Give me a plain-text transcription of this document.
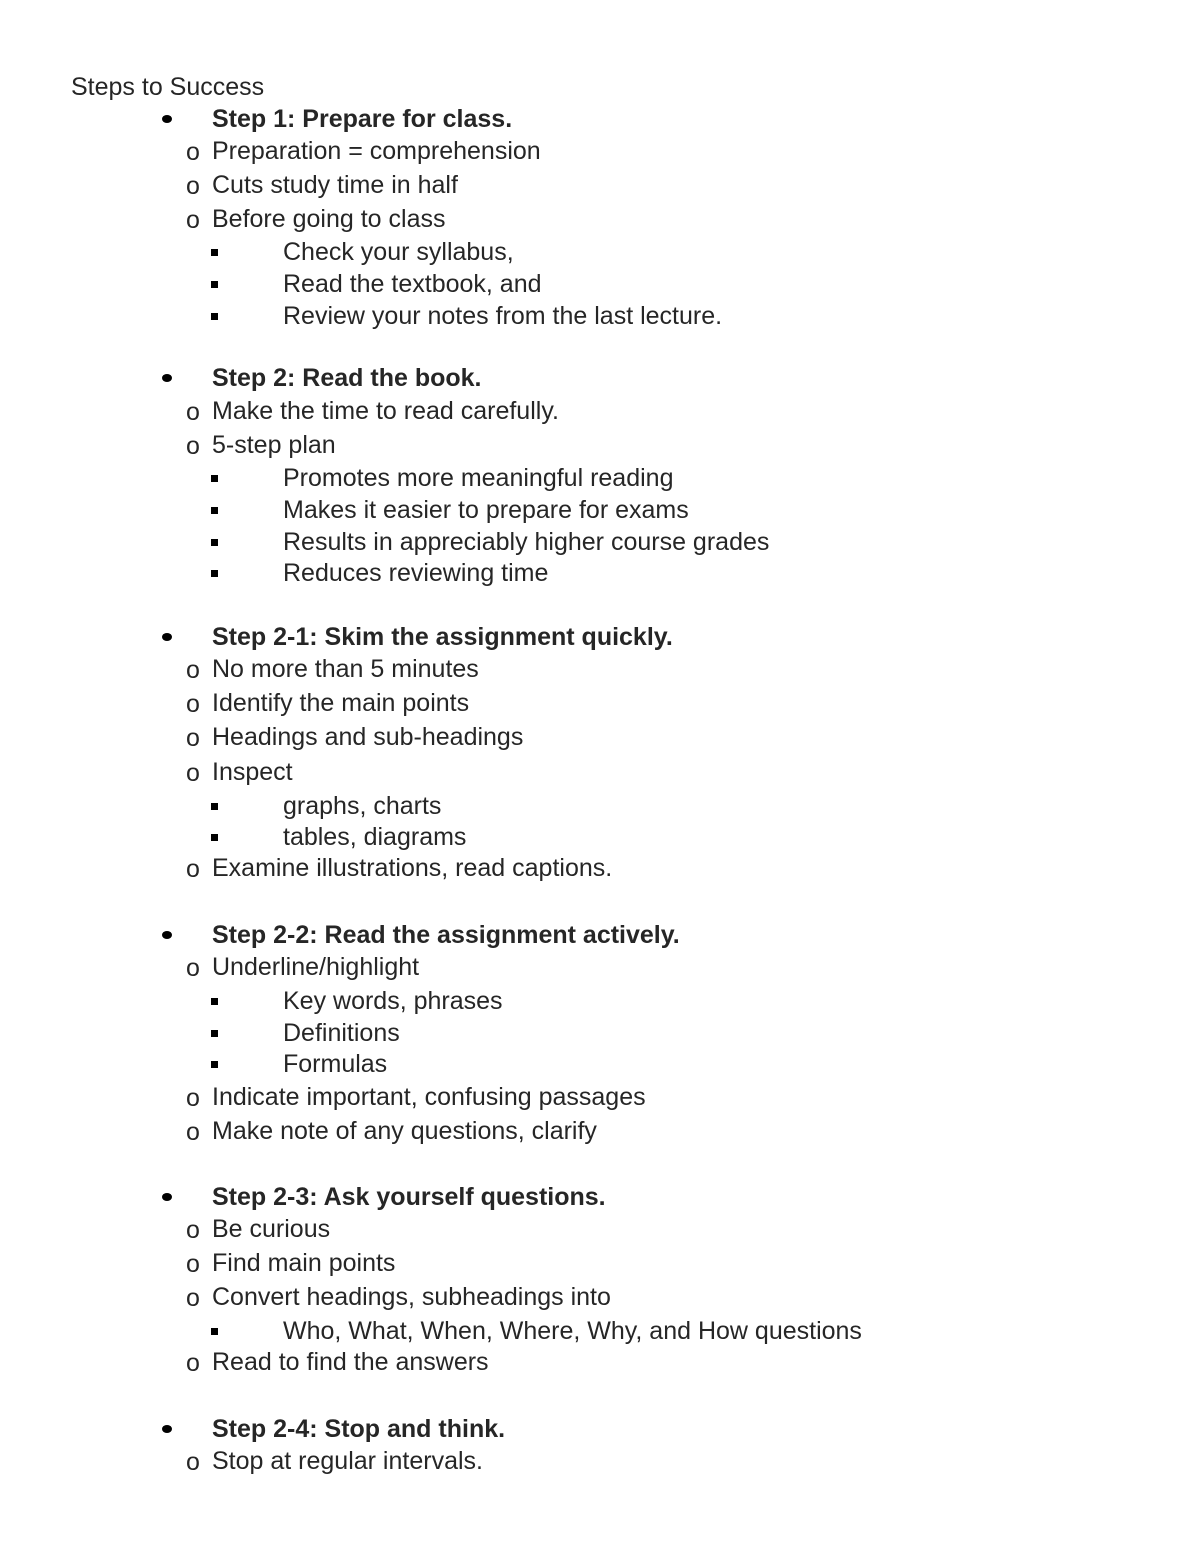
Steps to Success
Step 1: Prepare for class.
o Preparation = comprehension
o Cuts study time in half
o Before going to class
Check your syllabus,
Read the textbook, and
Review your notes from the last lecture.
Step 2: Read the book.
o Make the time to read carefully.
o 5-step plan
Promotes more meaningful reading
Makes it easier to prepare for exams
Results in appreciably higher course grades
Reduces reviewing time
Step 2-1: Skim the assignment quickly.
o No more than 5 minutes
o Identify the main points
o Headings and sub-headings
o Inspect
graphs, charts
tables, diagrams
o Examine illustrations, read captions.
Step 2-2: Read the assignment actively.
o Underline/highlight
Key words, phrases
Definitions
Formulas
o Indicate important, confusing passages
o Make note of any questions, clarify
Step 2-3: Ask yourself questions.
o Be curious
o Find main points
o Convert headings, subheadings into
Who, What, When, Where, Why, and How questions
o Read to find the answers
Step 2-4: Stop and think.
o Stop at regular intervals.
